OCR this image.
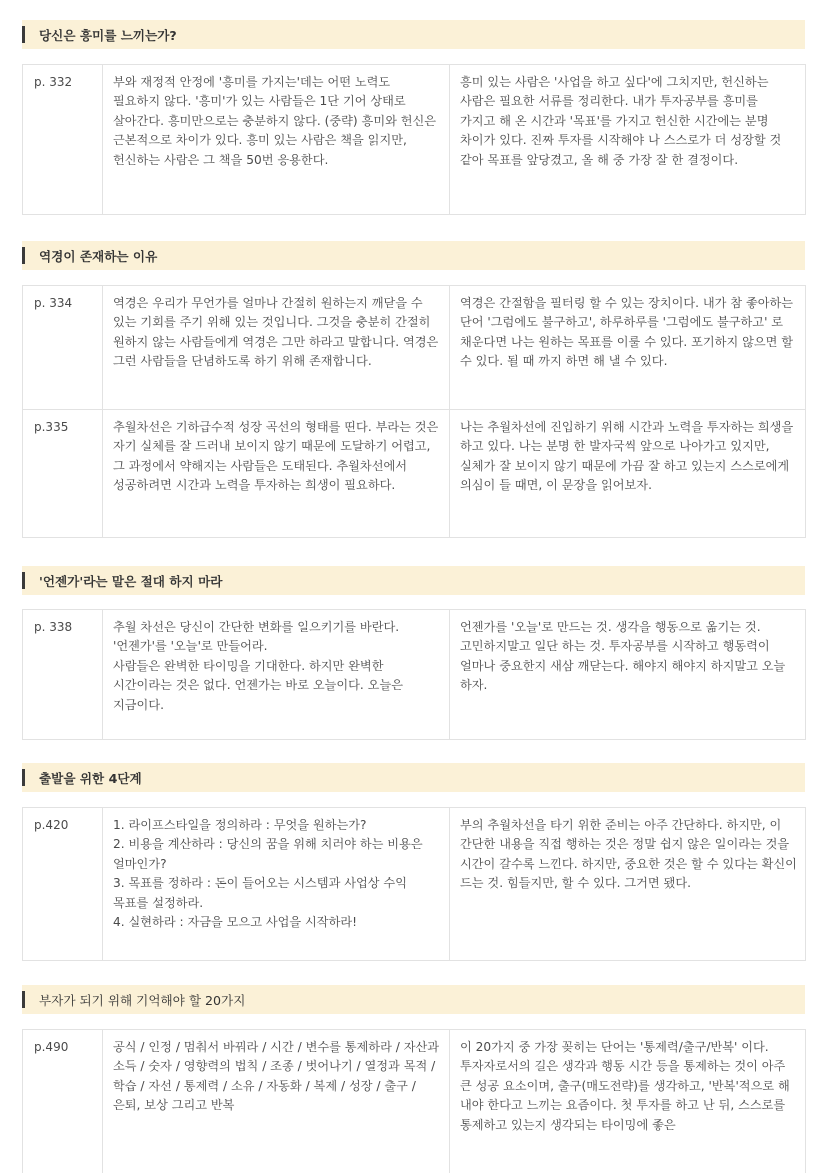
당신은 흥미를 느끼는가?
p. 332	부와 재정적 안정에 '흥미를 가지는'데는 어떤 노력도 필요하지 않다. '흥미'가 있는 사람들은 1단 기어 상태로 살아간다. 흥미만으로는 충분하지 않다. (중략) 흥미와 헌신은 근본적으로 차이가 있다. 흥미 있는 사람은 책을 읽지만, 헌신하는 사람은 그 책을 50번 응용한다.	흥미 있는 사람은 '사업을 하고 싶다'에 그치지만, 헌신하는 사람은 필요한 서류를 정리한다. 내가 투자공부를 흥미를 가지고 해 온 시간과 '목표'를 가지고 헌신한 시간에는 분명 차이가 있다. 진짜 투자를 시작해야 나 스스로가 더 성장할 것 같아 목표를 앞당겼고, 올 해 중 가장 잘 한 결정이다.
역경이 존재하는 이유
p. 334	역경은 우리가 무언가를 얼마나 간절히 원하는지 깨닫을 수 있는 기회를 주기 위해 있는 것입니다. 그것을 충분히 간절히 원하지 않는 사람들에게 역경은 그만 하라고 말합니다. 역경은 그런 사람들을 단념하도록 하기 위해 존재합니다.	역경은 간절함을 필터링 할 수 있는 장치이다. 내가 참 좋아하는 단어 '그럼에도 불구하고', 하루하루를 '그럼에도 불구하고' 로 채운다면 나는 원하는 목표를 이룰 수 있다. 포기하지 않으면 할 수 있다. 될 때 까지 하면 해 낼 수 있다.
p.335	추월차선은 기하급수적 성장 곡선의 형태를 띤다. 부라는 것은 자기 실체를 잘 드러내 보이지 않기 때문에 도달하기 어렵고, 그 과정에서 약해지는 사람들은 도태된다. 추월차선에서 성공하려면 시간과 노력을 투자하는 희생이 필요하다.	나는 추월차선에 진입하기 위해 시간과 노력을 투자하는 희생을 하고 있다. 나는 분명 한 발자국씩 앞으로 나아가고 있지만, 실체가 잘 보이지 않기 때문에 가끔 잘 하고 있는지 스스로에게 의심이 들 때면, 이 문장을 읽어보자.
'언젠가'라는 말은 절대 하지 마라
p. 338	추월 차선은 당신이 간단한 변화를 일으키기를 바란다. '언젠가'를 '오늘'로 만들어라.
사람들은 완벽한 타이밍을 기대한다. 하지만 완벽한 시간이라는 것은 없다. 언젠가는 바로 오늘이다. 오늘은 지금이다.	언젠가를 '오늘'로 만드는 것. 생각을 행동으로 옮기는 것. 고민하지말고 일단 하는 것. 투자공부를 시작하고 행동력이 얼마나 중요한지 새삼 깨닫는다. 해야지 해야지 하지말고 오늘 하자.
출발을 위한 4단계
p.420	1. 라이프스타일을 정의하라 : 무엇을 원하는가?
2. 비용을 계산하라 : 당신의 꿈을 위해 치러야 하는 비용은 얼마인가?
3. 목표를 정하라 : 돈이 들어오는 시스템과 사업상 수익 목표를 설정하라.
4. 실현하라 : 자금을 모으고 사업을 시작하라!	부의 추월차선을 타기 위한 준비는 아주 간단하다. 하지만, 이 간단한 내용을 직접 행하는 것은 정말 쉽지 않은 일이라는 것을 시간이 갈수록 느낀다. 하지만, 중요한 것은 할 수 있다는 확신이 드는 것. 힘들지만, 할 수 있다. 그거면 됐다.
부자가 되기 위해 기억해야 할 20가지
p.490	공식 / 인정 / 멈춰서 바꿔라 / 시간 / 변수를 통제하라 / 자산과 소득 / 숫자 / 영향력의 법칙 / 조종 / 벗어나기 / 열정과 목적 / 학습 / 자선 / 통제력 / 소유 / 자동화 / 복제 / 성장 / 출구 / 은퇴, 보상 그리고 반복	이 20가지 중 가장 꽂히는 단어는 '통제력/출구/반복' 이다. 투자자로서의 길은 생각과 행동 시간 등을 통제하는 것이 아주 큰 성공 요소이며, 출구(매도전략)를 생각하고, '반복'적으로 해 내야 한다고 느끼는 요즘이다. 첫 투자를 하고 난 뒤, 스스로를 통제하고 있는지 생각되는 타이밍에 좋은
